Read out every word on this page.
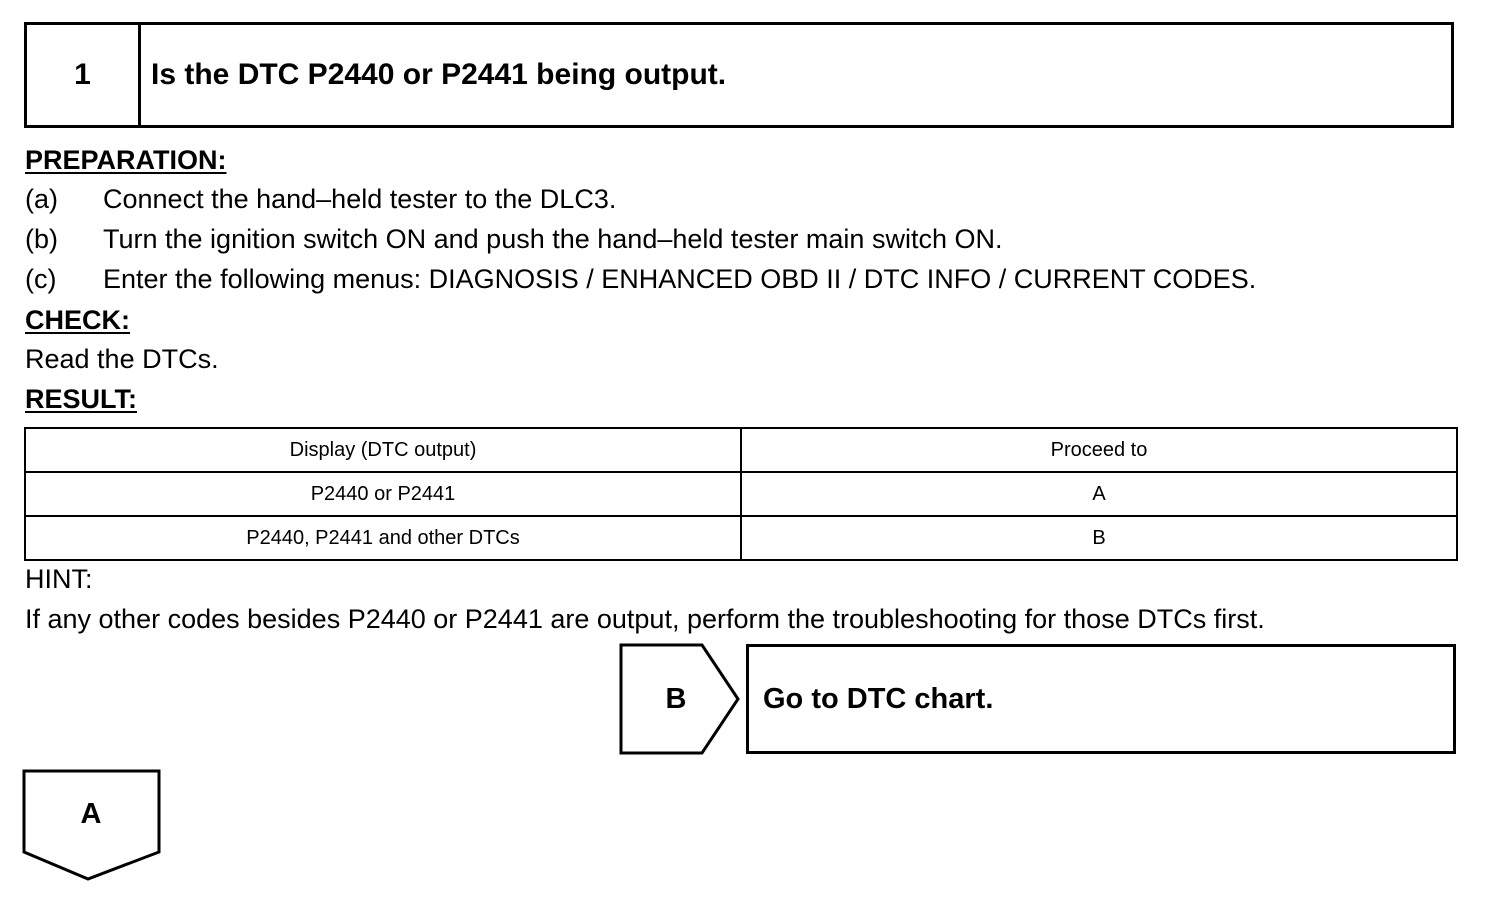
1	Is the DTC P2440 or P2441 being output.
PREPARATION:
(a) Connect the hand–held tester to the DLC3.
(b) Turn the ignition switch ON and push the hand–held tester main switch ON.
(c) Enter the following menus: DIAGNOSIS / ENHANCED OBD II / DTC INFO / CURRENT CODES.
CHECK:
Read the DTCs.
RESULT:
Display (DTC output)	Proceed to
P2440 or P2441	A
P2440, P2441 and other DTCs	B
HINT:
If any other codes besides P2440 or P2441 are output, perform the troubleshooting for those DTCs first.
B	Go to DTC chart.
A
